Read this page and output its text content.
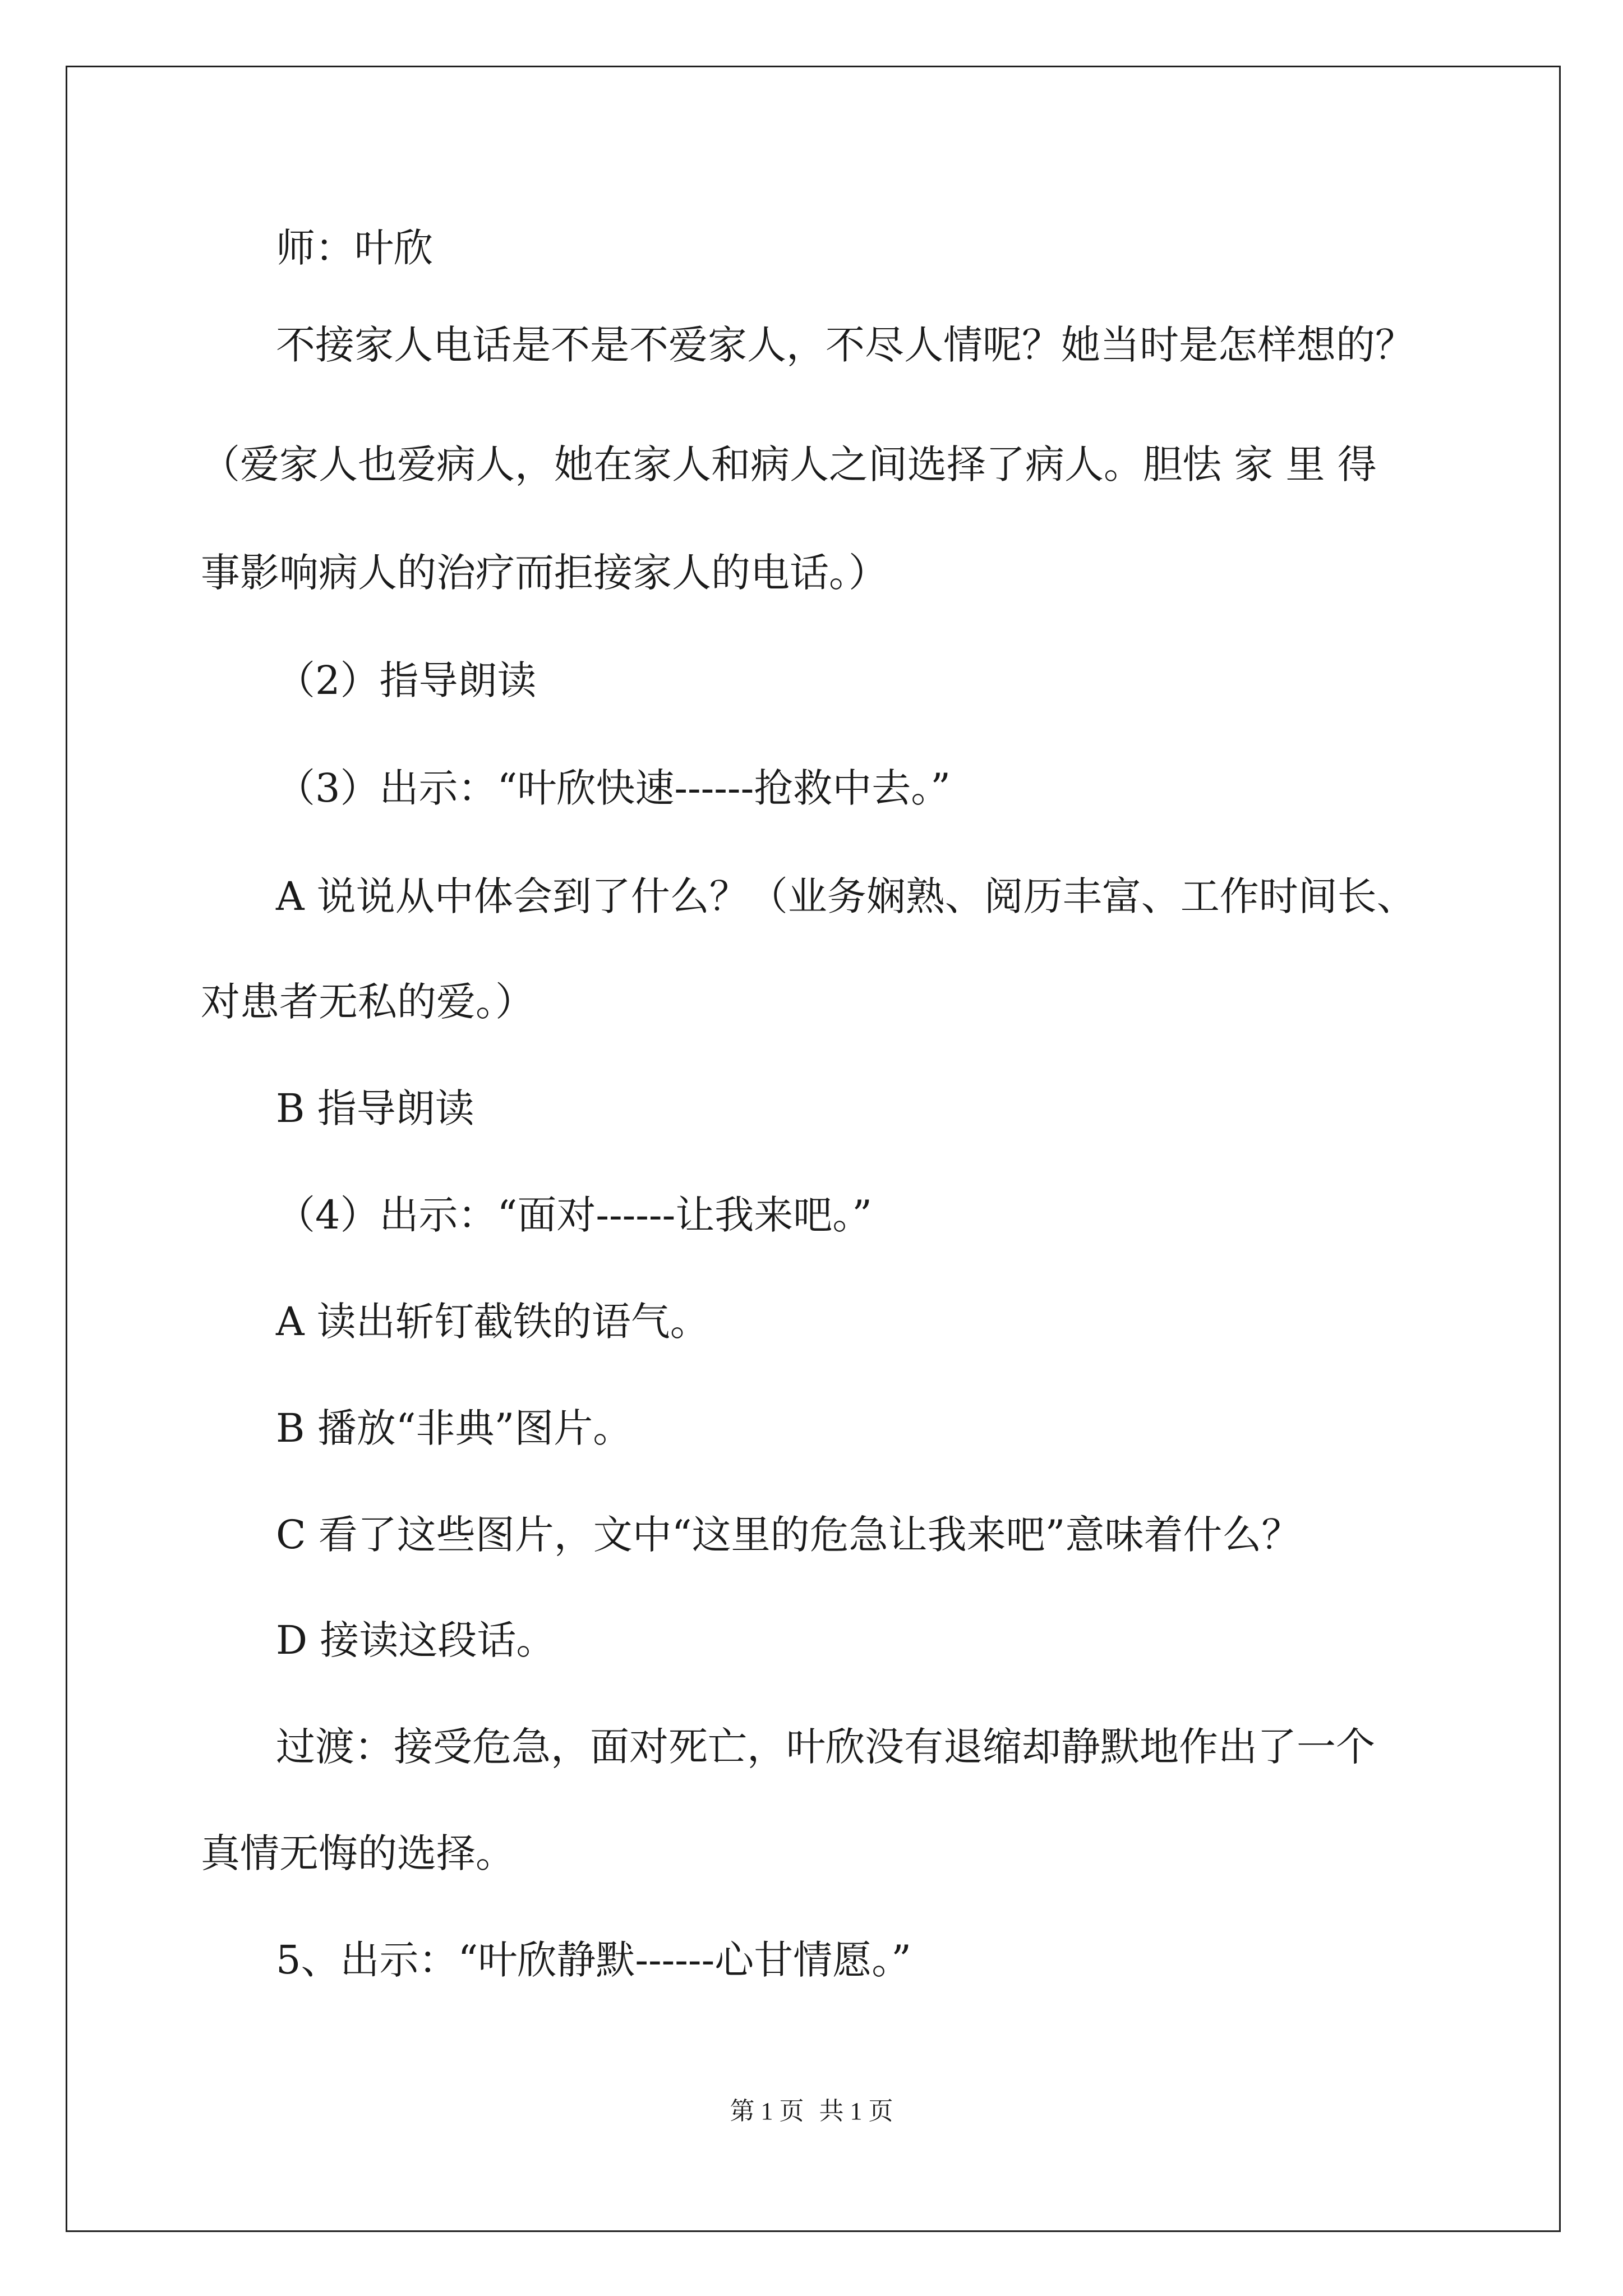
师：叶欣
不接家人电话是不是不爱家人，不尽人情呢？她当时是怎样想的？
（爱家人也爱病人，她在家人和病人之间选择了病人。胆怯 家 里 得
事影响病人的治疗而拒接家人的电话。）
（2）指导朗读
（3）出示：“叶欣快速------抢救中去。”
A 说说从中体会到了什么？（业务娴熟、阅历丰富、工作时间长、
对患者无私的爱。）
B 指导朗读
（4）出示：“面对------让我来吧。”
A 读出斩钉截铁的语气。
B 播放“非典”图片。
C 看了这些图片，文中“这里的危急让我来吧”意味着什么？
D 接读这段话。
过渡：接受危急，面对死亡，叶欣没有退缩却静默地作出了一个
真情无悔的选择。
5、出示：“叶欣静默------心甘情愿。”
第 1 页 共 1 页
